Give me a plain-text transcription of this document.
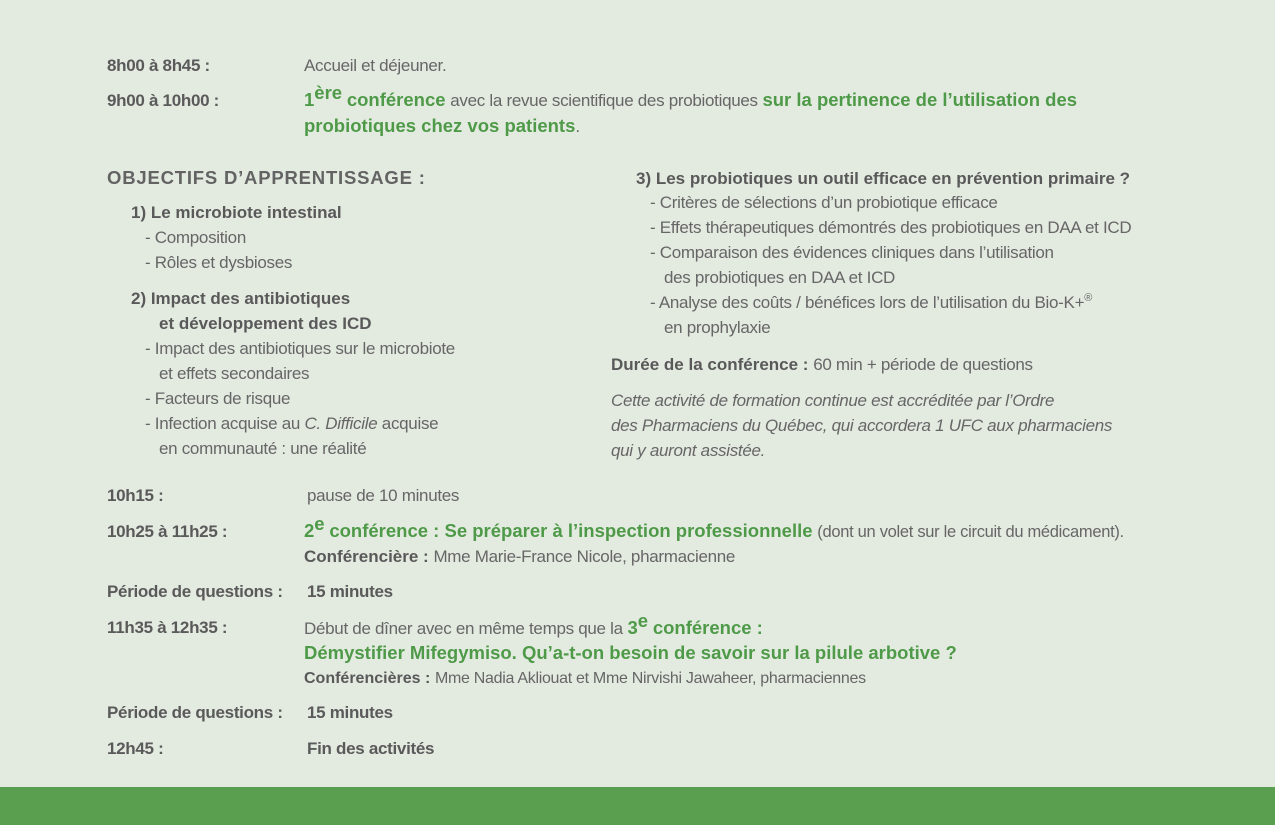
8h00 à 8h45 :	Accueil et déjeuner.
9h00 à 10h00 :	1ère conférence avec la revue scientifique des probiotiques sur la pertinence de l’utilisation des
probiotiques chez vos patients.
OBJECTIFS D’APPRENTISSAGE :
1) Le microbiote intestinal
- Composition
- Rôles et dysbioses
2) Impact des antibiotiques
et développement des ICD
- Impact des antibiotiques sur le microbiote
et effets secondaires
- Facteurs de risque
- Infection acquise au C. Difficile acquise
en communauté : une réalité
3) Les probiotiques un outil efficace en prévention primaire ?
- Critères de sélections d’un probiotique efficace
- Effets thérapeutiques démontrés des probiotiques en DAA et ICD
- Comparaison des évidences cliniques dans l’utilisation
des probiotiques en DAA et ICD
- Analyse des coûts / bénéfices lors de l’utilisation du Bio-K+®
en prophylaxie
Durée de la conférence : 60 min + période de questions
Cette activité de formation continue est accréditée par l’Ordre
des Pharmaciens du Québec, qui accordera 1 UFC aux pharmaciens
qui y auront assistée.
10h15 :	pause de 10 minutes
10h25 à 11h25 :	2e conférence : Se préparer à l’inspection professionnelle (dont un volet sur le circuit du médicament).
Conférencière : Mme Marie-France Nicole, pharmacienne
Période de questions : 15 minutes
11h35 à 12h35 :	Début de dîner avec en même temps que la 3e conférence :
Démystifier Mifegymiso. Qu’a-t-on besoin de savoir sur la pilule arbotive ?
Conférencières : Mme Nadia Akliouat et Mme Nirvishi Jawaheer, pharmaciennes
Période de questions : 15 minutes
12h45 :	Fin des activités
